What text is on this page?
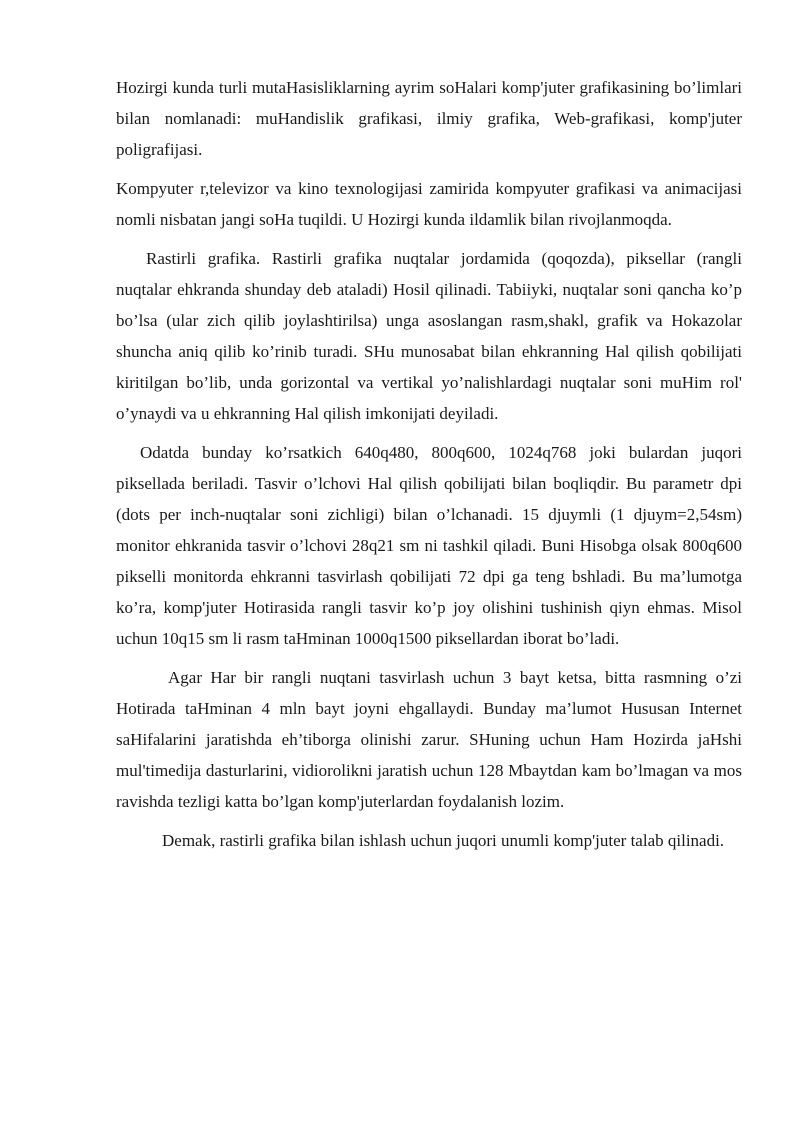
Hozirgi kunda turli mutaHasisliklarning ayrim soHalari komp'juter grafikasining bo’limlari bilan nomlanadi: muHandislik grafikasi, ilmiy grafika, Web-grafikasi, komp'juter poligrafijasi.

Kompyuter r,televizor va kino texnologijasi zamirida kompyuter grafikasi va animacijasi nomli nisbatan jangi soHa tuqildi. U Hozirgi kunda ildamlik bilan rivojlanmoqda.

Rastirli grafika. Rastirli grafika nuqtalar jordamida (qoqozda), piksellar (rangli nuqtalar ehkranda shunday deb ataladi) Hosil qilinadi. Tabiiyki, nuqtalar soni qancha ko’p bo’lsa (ular zich qilib joylashtirilsa) unga asoslangan rasm,shakl, grafik va Hokazolar shuncha aniq qilib ko’rinib turadi. SHu munosabat bilan ehkranning Hal qilish qobilijati kiritilgan bo’lib, unda gorizontal va vertikal yo’nalishlardagi nuqtalar soni muHim rol' o’ynaydi va u ehkranning Hal qilish imkonijati deyiladi.

Odatda bunday ko’rsatkich 640q480, 800q600, 1024q768 joki bulardan juqori piksellada beriladi. Tasvir o’lchovi Hal qilish qobilijati bilan boqliqdir. Bu parametr dpi (dots per inch-nuqtalar soni zichligi) bilan o’lchanadi. 15 djuymli (1 djuym=2,54sm) monitor ehkranida tasvir o’lchovi 28q21 sm ni tashkil qiladi. Buni Hisobga olsak 800q600 pikselli monitorda ehkranni tasvirlash qobilijati 72 dpi ga teng bshladi. Bu ma’lumotga ko’ra, komp'juter Hotirasida rangli tasvir ko’p joy olishini tushinish qiyn ehmas. Misol uchun 10q15 sm li rasm taHminan 1000q1500 piksellardan iborat bo’ladi.

Agar Har bir rangli nuqtani tasvirlash uchun 3 bayt ketsa, bitta rasmning o’zi Hotirada taHminan 4 mln bayt joyni ehgallaydi. Bunday ma’lumot Hususan Internet saHifalarini jaratishda eh’tiborga olinishi zarur. SHuning uchun Ham Hozirda jaHshi mul'timedija dasturlarini, vidiorolikni jaratish uchun 128 Mbaytdan kam bo’lmagan va mos ravishda tezligi katta bo’lgan komp'juterlardan foydalanish lozim.

Demak, rastirli grafika bilan ishlash uchun juqori unumli komp'juter talab qilinadi.
